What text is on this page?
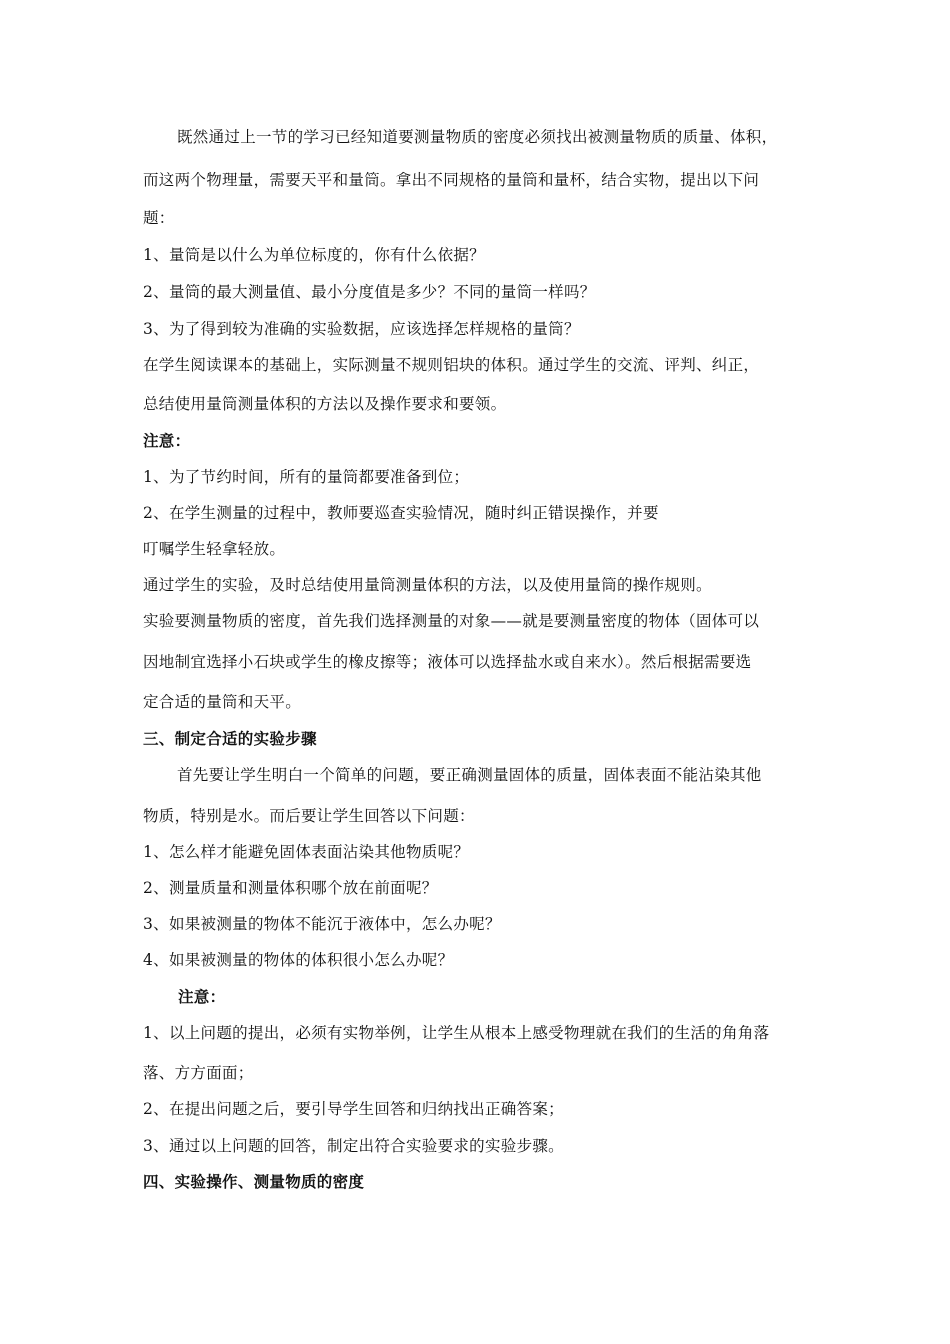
既然通过上一节的学习已经知道要测量物质的密度必须找出被测量物质的质量、体积，
而这两个物理量，需要天平和量筒。拿出不同规格的量筒和量杯，结合实物，提出以下问
题：
1、量筒是以什么为单位标度的，你有什么依据？
2、量筒的最大测量值、最小分度值是多少？不同的量筒一样吗？
3、为了得到较为准确的实验数据，应该选择怎样规格的量筒？
在学生阅读课本的基础上，实际测量不规则铝块的体积。通过学生的交流、评判、纠正，
总结使用量筒测量体积的方法以及操作要求和要领。
注意：
1、为了节约时间，所有的量筒都要准备到位；
2、在学生测量的过程中，教师要巡查实验情况，随时纠正错误操作，并要
叮嘱学生轻拿轻放。
通过学生的实验，及时总结使用量筒测量体积的方法，以及使用量筒的操作规则。
实验要测量物质的密度，首先我们选择测量的对象——就是要测量密度的物体（固体可以
因地制宜选择小石块或学生的橡皮擦等；液体可以选择盐水或自来水）。然后根据需要选
定合适的量筒和天平。
三、制定合适的实验步骤
首先要让学生明白一个简单的问题，要正确测量固体的质量，固体表面不能沾染其他
物质，特别是水。而后要让学生回答以下问题：
1、怎么样才能避免固体表面沾染其他物质呢？
2、测量质量和测量体积哪个放在前面呢？
3、如果被测量的物体不能沉于液体中，怎么办呢？
4、如果被测量的物体的体积很小怎么办呢？
注意：
1、以上问题的提出，必须有实物举例，让学生从根本上感受物理就在我们的生活的角角落
落、方方面面；
2、在提出问题之后，要引导学生回答和归纳找出正确答案；
3、通过以上问题的回答，制定出符合实验要求的实验步骤。
四、实验操作、测量物质的密度
